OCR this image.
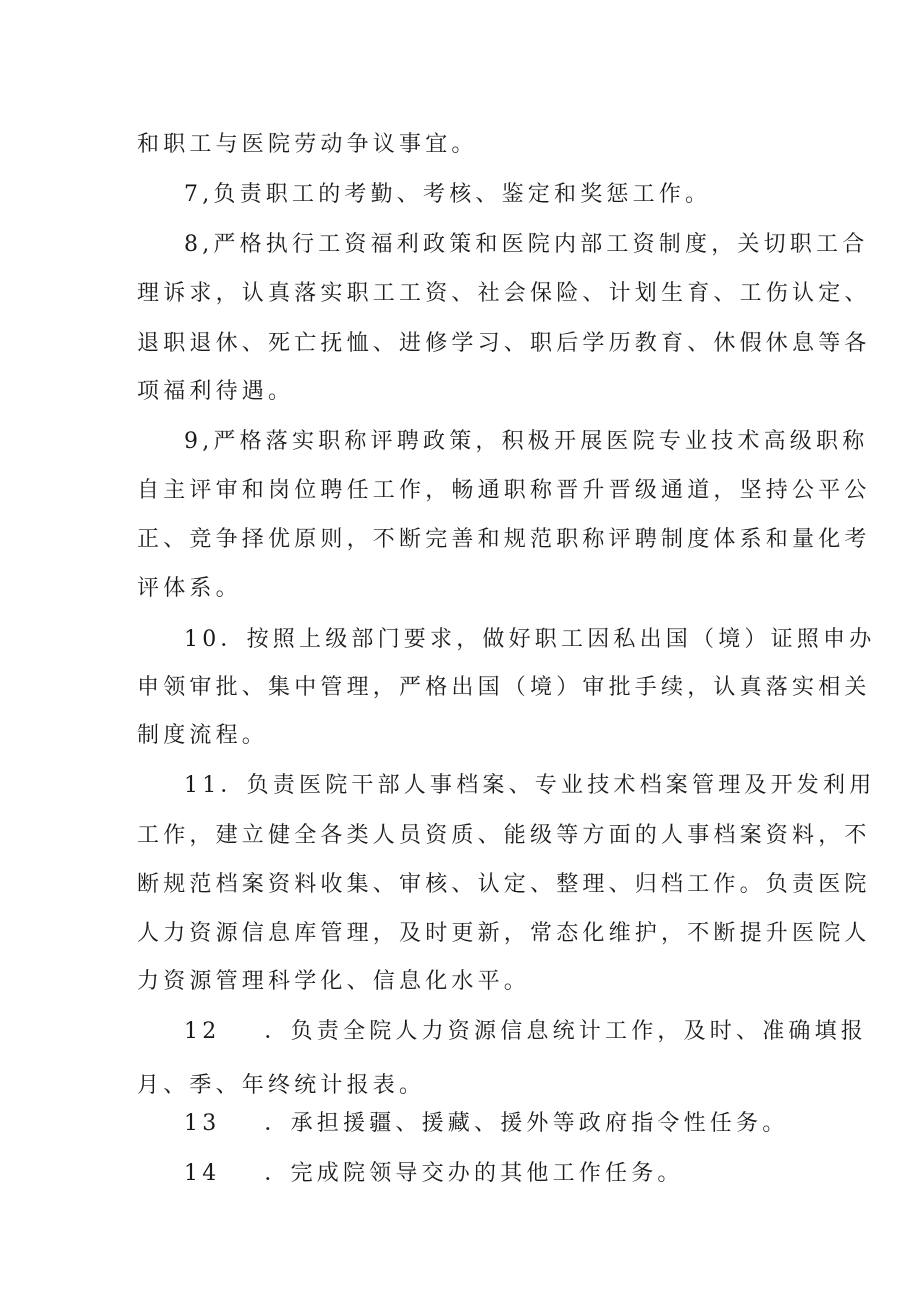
和职工与医院劳动争议事宜。
7,负责职工的考勤、考核、鉴定和奖惩工作。
8,严格执行工资福利政策和医院内部工资制度，关切职工合
理诉求，认真落实职工工资、社会保险、计划生育、工伤认定、
退职退休、死亡抚恤、进修学习、职后学历教育、休假休息等各
项福利待遇。
9,严格落实职称评聘政策，积极开展医院专业技术高级职称
自主评审和岗位聘任工作，畅通职称晋升晋级通道，坚持公平公
正、竞争择优原则，不断完善和规范职称评聘制度体系和量化考
评体系。
10．按照上级部门要求，做好职工因私出国（境）证照申办
申领审批、集中管理，严格出国（境）审批手续，认真落实相关
制度流程。
11．负责医院干部人事档案、专业技术档案管理及开发利用
工作，建立健全各类人员资质、能级等方面的人事档案资料，不
断规范档案资料收集、审核、认定、整理、归档工作。负责医院
人力资源信息库管理，及时更新，常态化维护，不断提升医院人
力资源管理科学化、信息化水平。
12 ．负责全院人力资源信息统计工作，及时、准确填报
月、季、年终统计报表。
13 ．承担援疆、援藏、援外等政府指令性任务。
14 ．完成院领导交办的其他工作任务。
